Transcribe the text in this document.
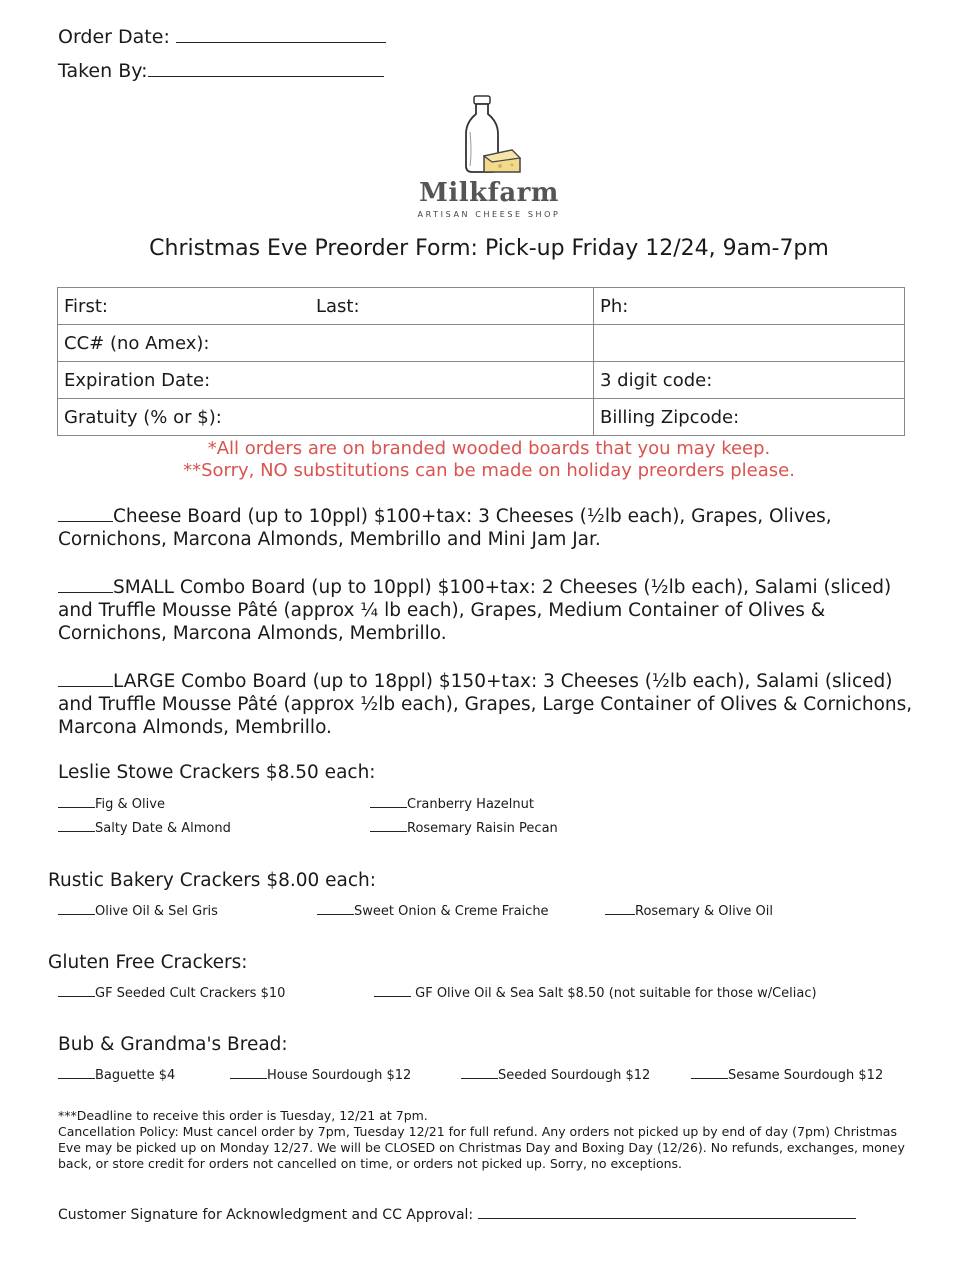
Order Date:
Taken By:
Milkfarm
ARTISAN CHEESE SHOP
Christmas Eve Preorder Form: Pick-up Friday 12/24, 9am-7pm
First: Last:	Ph:
CC# (no Amex):	
Expiration Date:	3 digit code:
Gratuity (% or $):	Billing Zipcode:
*All orders are on branded wooded boards that you may keep.
**Sorry, NO substitutions can be made on holiday preorders please.
Cheese Board (up to 10ppl) $100+tax: 3 Cheeses (½lb each), Grapes, Olives, Cornichons, Marcona Almonds, Membrillo and Mini Jam Jar.
SMALL Combo Board (up to 10ppl) $100+tax: 2 Cheeses (½lb each), Salami (sliced) and Truffle Mousse Pâté (approx ¼ lb each), Grapes, Medium Container of Olives & Cornichons, Marcona Almonds, Membrillo.
LARGE Combo Board (up to 18ppl) $150+tax: 3 Cheeses (½lb each), Salami (sliced) and Truffle Mousse Pâté (approx ½lb each), Grapes, Large Container of Olives & Cornichons, Marcona Almonds, Membrillo.
Leslie Stowe Crackers $8.50 each:
Fig & Olive	Cranberry Hazelnut
Salty Date & Almond	Rosemary Raisin Pecan
Rustic Bakery Crackers $8.00 each:
Olive Oil & Sel Gris	Sweet Onion & Creme Fraiche	Rosemary & Olive Oil
Gluten Free Crackers:
GF Seeded Cult Crackers $10	GF Olive Oil & Sea Salt $8.50 (not suitable for those w/Celiac)
Bub & Grandma's Bread:
Baguette $4	House Sourdough $12	Seeded Sourdough $12	Sesame Sourdough $12
***Deadline to receive this order is Tuesday, 12/21 at 7pm.
Cancellation Policy: Must cancel order by 7pm, Tuesday 12/21 for full refund. Any orders not picked up by end of day (7pm) Christmas Eve may be picked up on Monday 12/27. We will be CLOSED on Christmas Day and Boxing Day (12/26). No refunds, exchanges, money back, or store credit for orders not cancelled on time, or orders not picked up. Sorry, no exceptions.
Customer Signature for Acknowledgment and CC Approval:
